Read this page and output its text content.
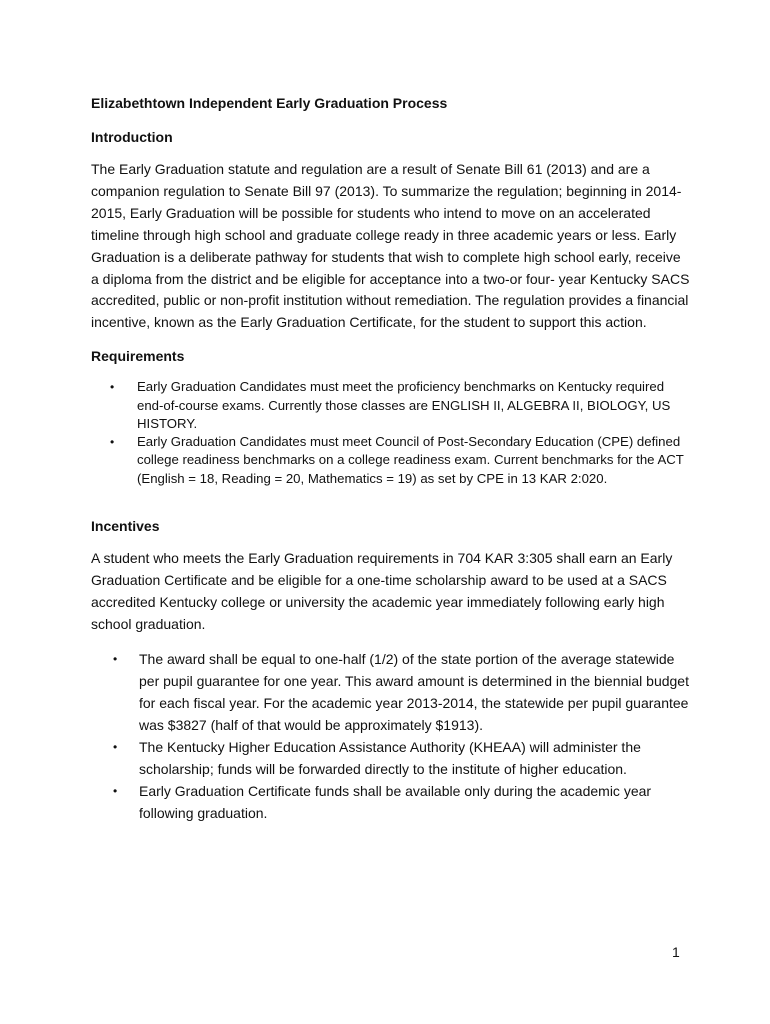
Elizabethtown Independent Early Graduation Process
Introduction

The Early Graduation statute and regulation are a result of Senate Bill 61 (2013) and are a companion regulation to Senate Bill 97 (2013). To summarize the regulation; beginning in 2014-2015, Early Graduation will be possible for students who intend to move on an accelerated timeline through high school and graduate college ready in three academic years or less. Early Graduation is a deliberate pathway for students that wish to complete high school early, receive a diploma from the district and be eligible for acceptance into a two-or four- year Kentucky SACS accredited, public or non-profit institution without remediation. The regulation provides a financial incentive, known as the Early Graduation Certificate, for the student to support this action.

Requirements
• Early Graduation Candidates must meet the proficiency benchmarks on Kentucky required end-of-course exams. Currently those classes are ENGLISH II, ALGEBRA II, BIOLOGY, US HISTORY.
• Early Graduation Candidates must meet Council of Post-Secondary Education (CPE) defined college readiness benchmarks on a college readiness exam. Current benchmarks for the ACT (English = 18, Reading = 20, Mathematics = 19) as set by CPE in 13 KAR 2:020.
Incentives

A student who meets the Early Graduation requirements in 704 KAR 3:305 shall earn an Early Graduation Certificate and be eligible for a one-time scholarship award to be used at a SACS accredited Kentucky college or university the academic year immediately following early high school graduation.

• The award shall be equal to one-half (1/2) of the state portion of the average statewide per pupil guarantee for one year. This award amount is determined in the biennial budget for each fiscal year. For the academic year 2013-2014, the statewide per pupil guarantee was $3827 (half of that would be approximately $1913).
• The Kentucky Higher Education Assistance Authority (KHEAA) will administer the scholarship; funds will be forwarded directly to the institute of higher education.
• Early Graduation Certificate funds shall be available only during the academic year following graduation.
1
